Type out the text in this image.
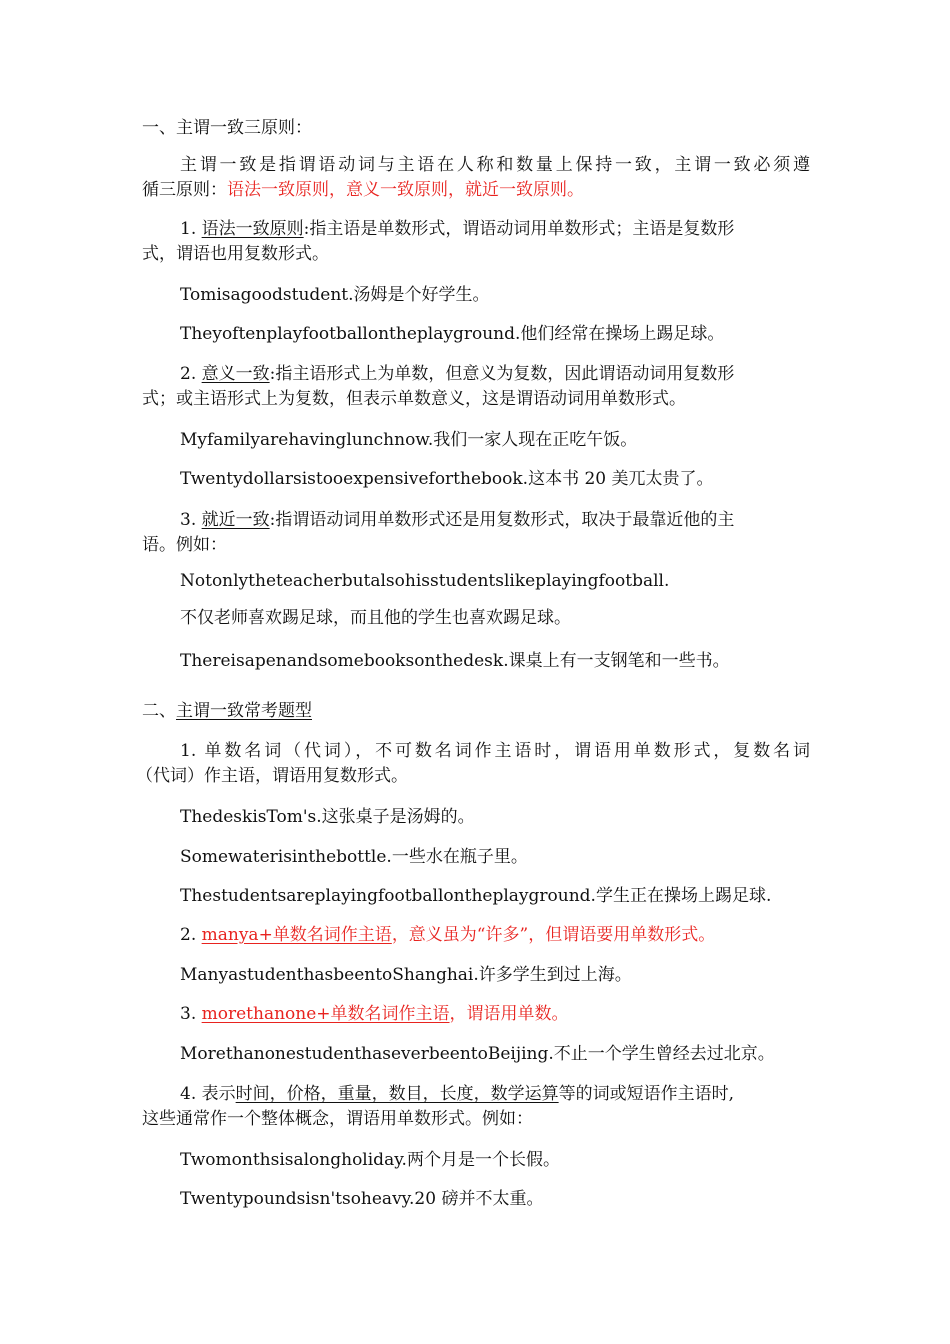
一、主谓一致三原则：
主谓一致是指谓语动词与主语在人称和数量上保持一致，主谓一致必须遵
循三原则：语法一致原则，意义一致原则，就近一致原则。
1. 语法一致原则:指主语是单数形式，谓语动词用单数形式；主语是复数形
式，谓语也用复数形式。
Tomisagoodstudent.汤姆是个好学生。
Theyoftenplayfootballontheplayground.他们经常在操场上踢足球。
2. 意义一致:指主语形式上为单数，但意义为复数，因此谓语动词用复数形
式；或主语形式上为复数，但表示单数意义，这是谓语动词用单数形式。
Myfamilyarehavinglunchnow.我们一家人现在正吃午饭。
Twentydollarsistooexpensiveforthebook.这本书 20 美兀太贵了。
3. 就近一致:指谓语动词用单数形式还是用复数形式，取决于最靠近他的主
语。例如：
Notonlytheteacherbutalsohisstudentslikeplayingfootball.
不仅老师喜欢踢足球，而且他的学生也喜欢踢足球。
Thereisapenandsomebooksonthedesk.课桌上有一支钢笔和一些书。
二、主谓一致常考题型
1. 单数名词（代词），不可数名词作主语时，谓语用单数形式，复数名词
（代词）作主语，谓语用复数形式。
ThedeskisTom's.这张桌子是汤姆的。
Somewaterisinthebottle.一些水在瓶子里。
Thestudentsareplayingfootballontheplayground.学生正在操场上踢足球.
2. manya+单数名词作主语，意义虽为“许多”，但谓语要用单数形式。
ManyastudenthasbeentoShanghai.许多学生到过上海。
3. morethanone+单数名词作主语，谓语用单数。
MorethanonestudenthaseverbeentoBeijing.不止一个学生曾经去过北京。
4. 表示时间，价格，重量，数目，长度，数学运算等的词或短语作主语时,
这些通常作一个整体概念，谓语用单数形式。例如：
Twomonthsisalongholiday.两个月是一个长假。
Twentypoundsisn'tsoheavy.20 磅并不太重。
